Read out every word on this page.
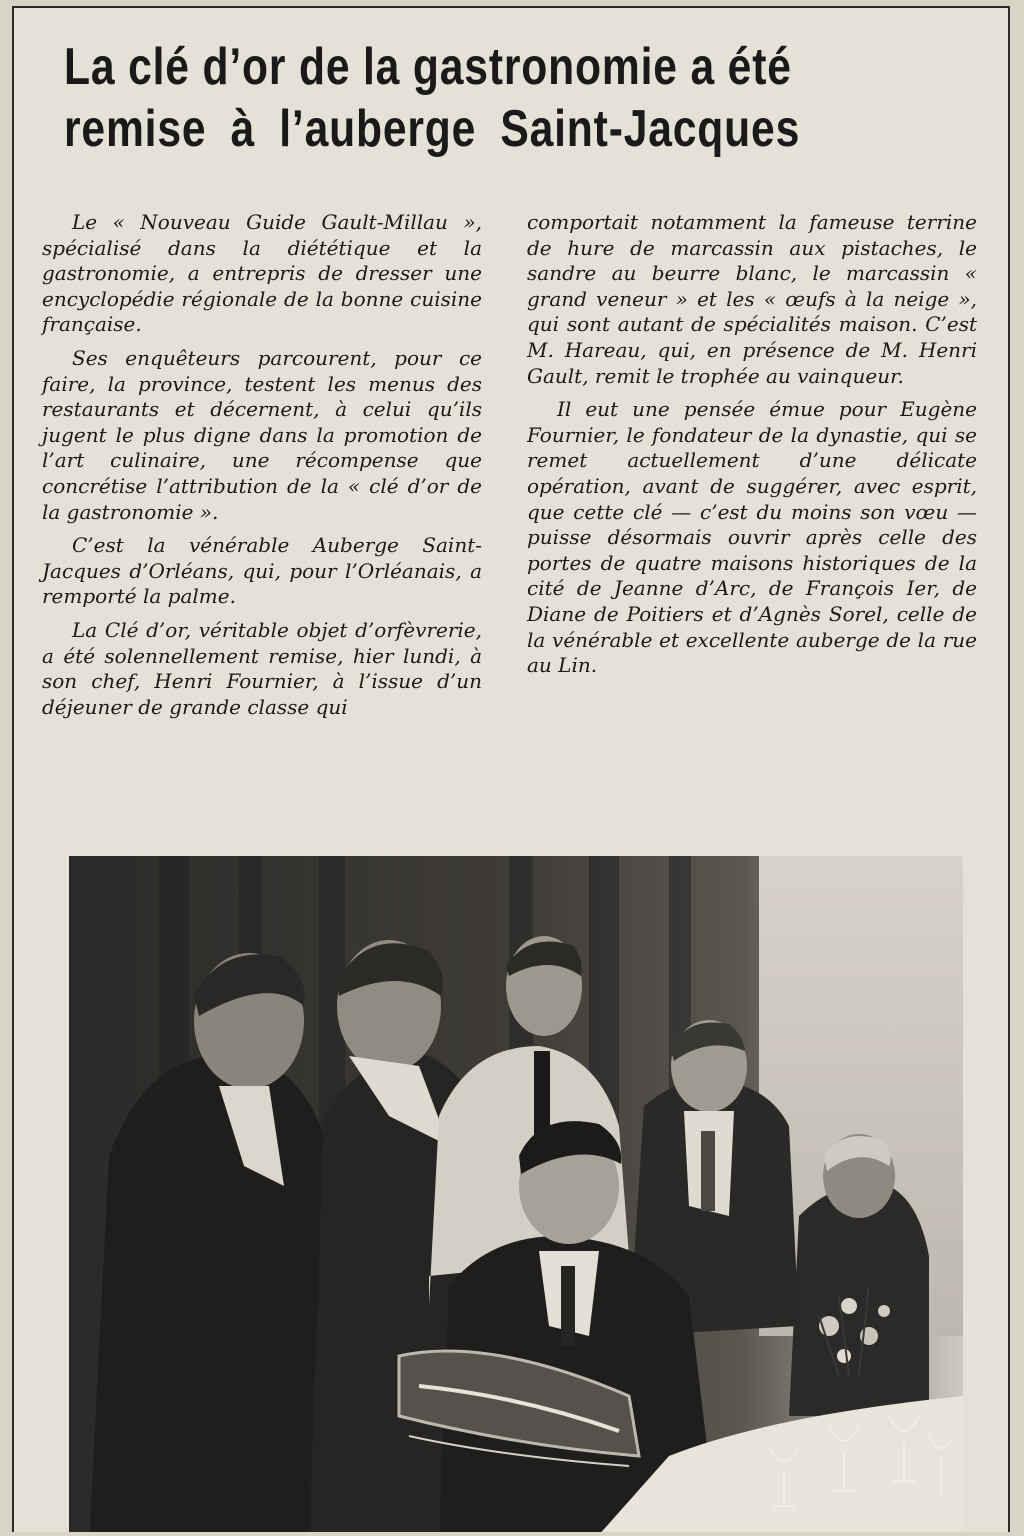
La clé d’or de la gastronomie a été
remise à l’auberge Saint-Jacques

Le « Nouveau Guide Gault-Millau », spécialisé dans la diététique et la gastronomie, a entrepris de dresser une encyclopédie régionale de la bonne cuisine française.

Ses enquêteurs parcourent, pour ce faire, la province, testent les menus des restaurants et décernent, à celui qu’ils jugent le plus digne dans la promotion de l’art culinaire, une récompense que concrétise l’attribution de la « clé d’or de la gastronomie ».

C’est la vénérable Auberge Saint-Jacques d’Orléans, qui, pour l’Orléanais, a remporté la palme.

La Clé d’or, véritable objet d’orfèvrerie, a été solennellement remise, hier lundi, à son chef, Henri Fournier, à l’issue d’un déjeuner de grande classe qui

comportait notamment la fameuse terrine de hure de marcassin aux pistaches, le sandre au beurre blanc, le marcassin « grand veneur » et les « œufs à la neige », qui sont autant de spécialités maison. C’est M. Hareau, qui, en présence de M. Henri Gault, remit le trophée au vainqueur.

Il eut une pensée émue pour Eugène Fournier, le fondateur de la dynastie, qui se remet actuellement d’une délicate opération, avant de suggérer, avec esprit, que cette clé — c’est du moins son vœu — puisse désormais ouvrir après celle des portes de quatre maisons historiques de la cité de Jeanne d’Arc, de François Ier, de Diane de Poitiers et d’Agnès Sorel, celle de la vénérable et excellente auberge de la rue au Lin.
